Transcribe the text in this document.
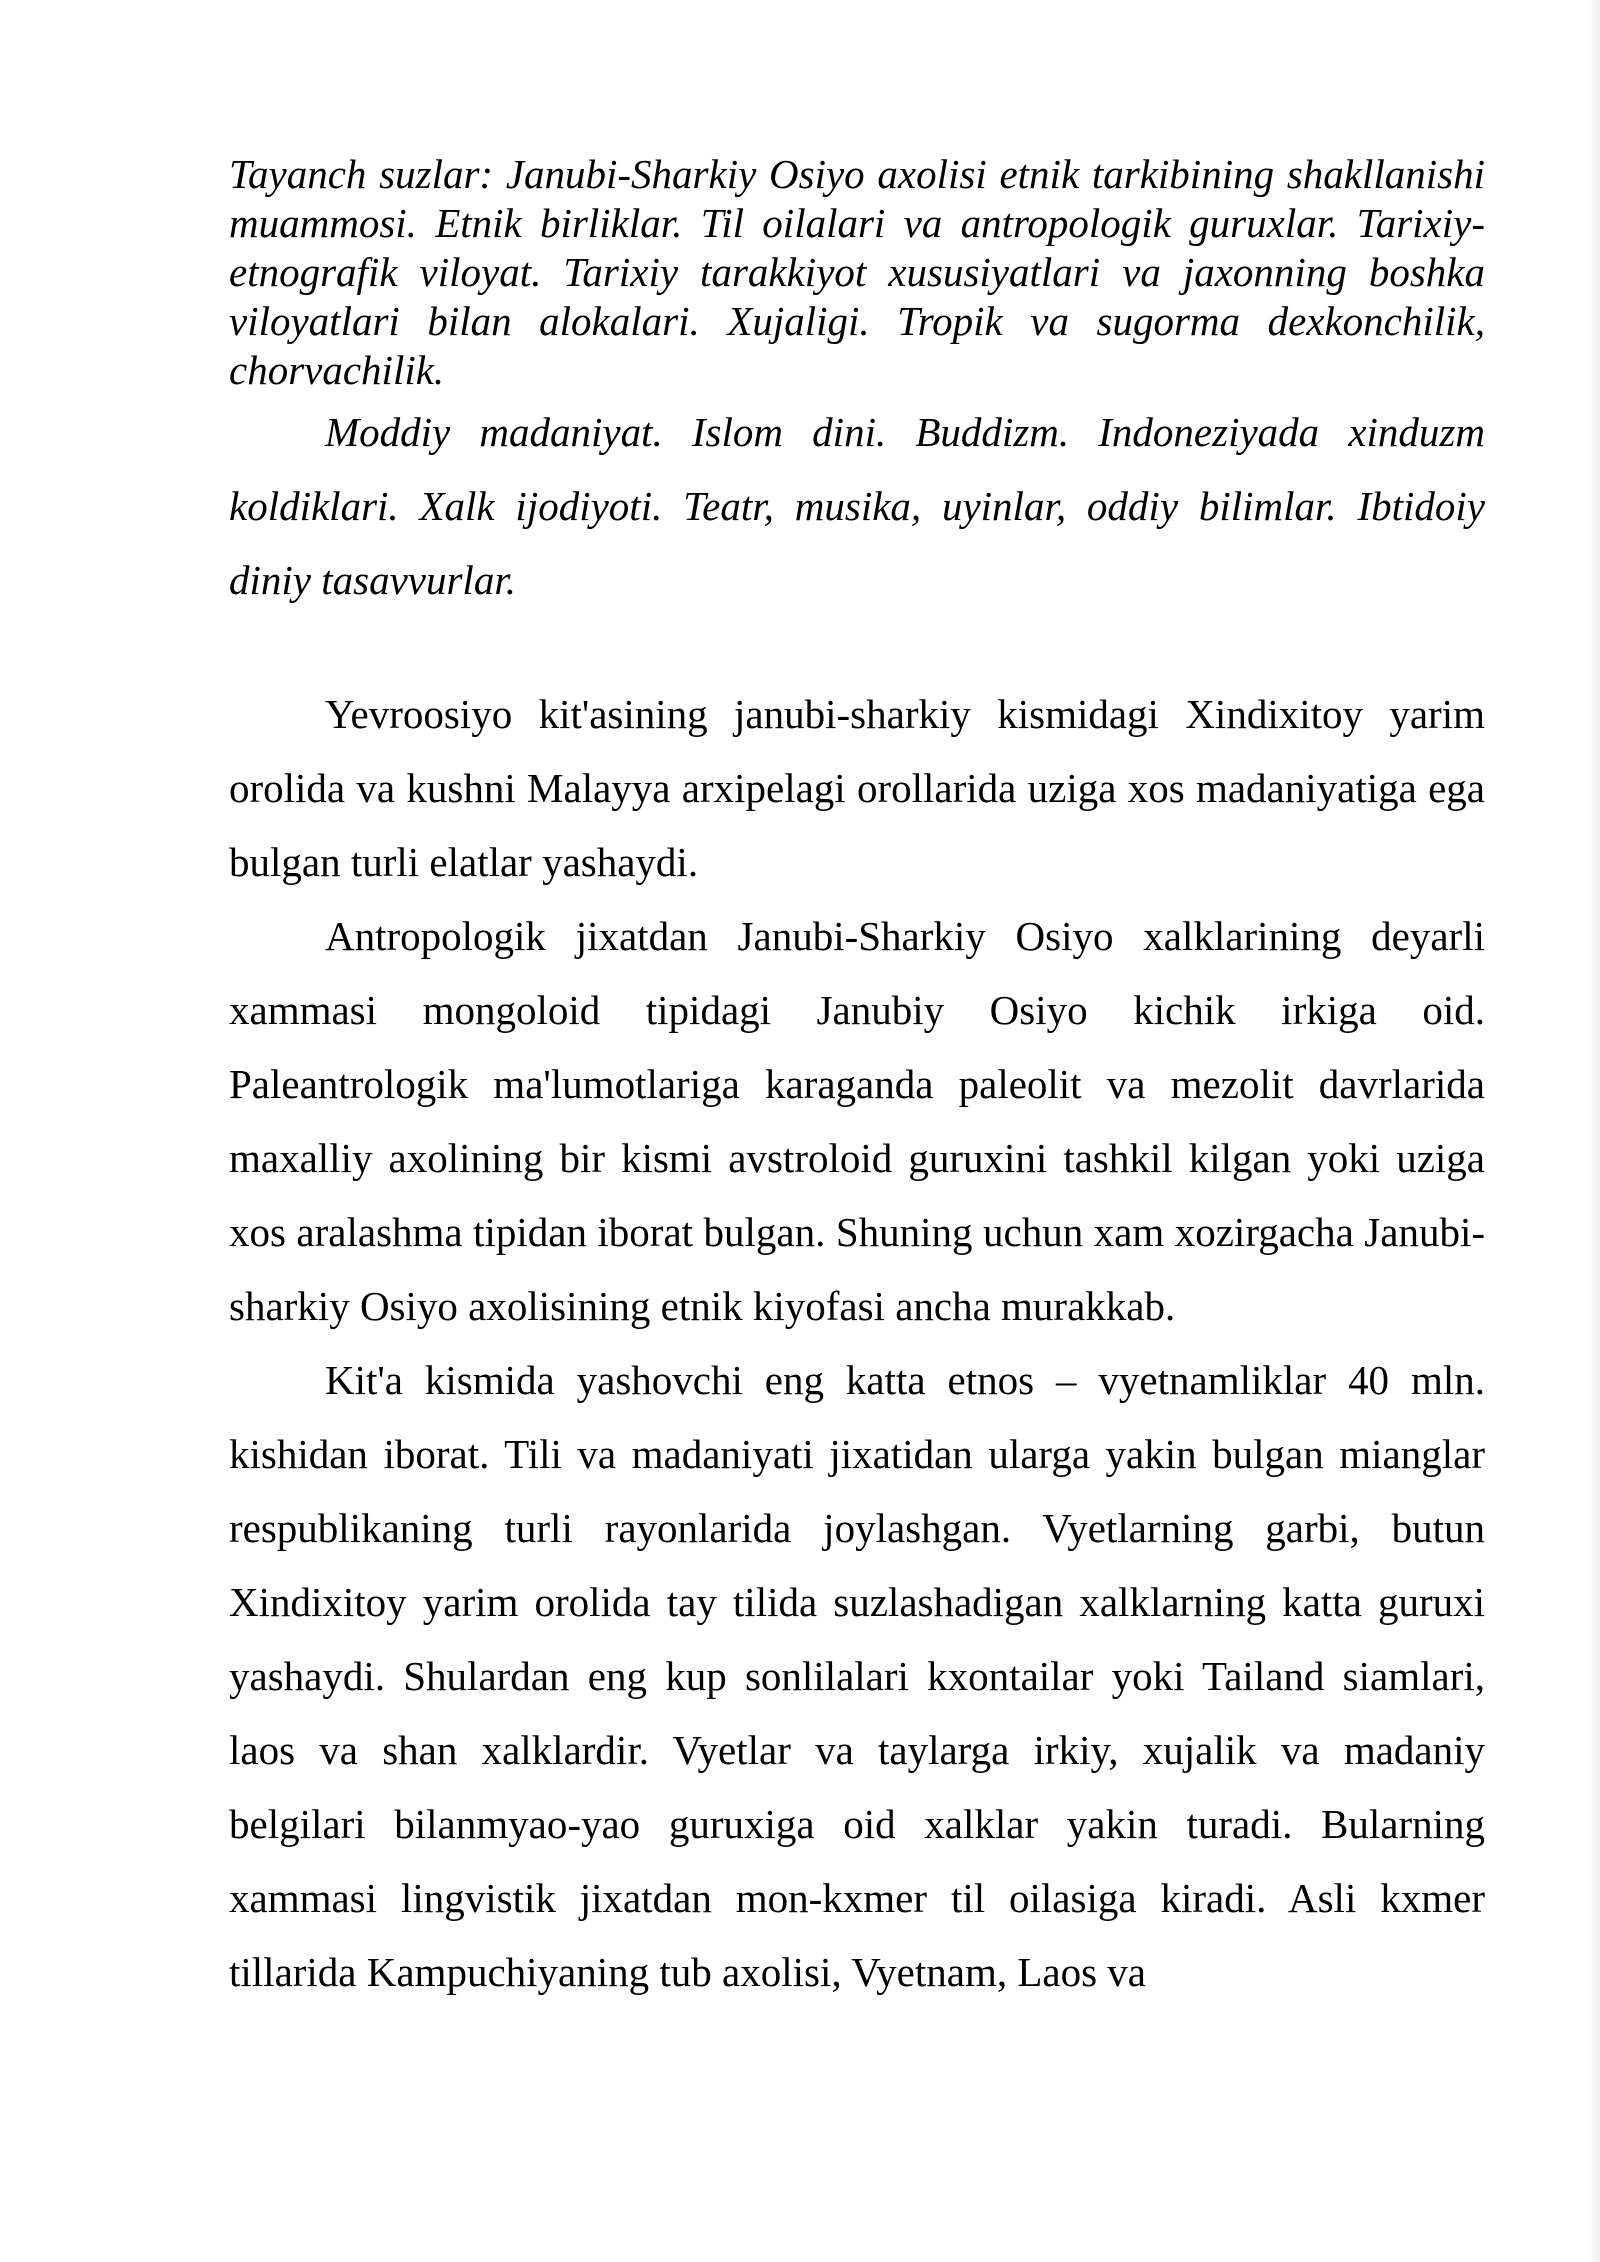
Tayanch suzlar: Janubi-Sharkiy Osiyo axolisi etnik tarkibining shakllanishi muammosi. Etnik birliklar. Til oilalari va antropologik guruxlar. Tarixiy-etnografik viloyat. Tarixiy tarakkiyot xususiyatlari va jaxonning boshka viloyatlari bilan alokalari. Xujaligi. Tropik va sugorma dexkonchilik, chorvachilik.

Moddiy madaniyat. Islom dini. Buddizm. Indoneziyada xinduzm koldiklari. Xalk ijodiyoti. Teatr, musika, uyinlar, oddiy bilimlar. Ibtidoiy diniy tasavvurlar.

Yevroosiyo kit'asining janubi-sharkiy kismidagi Xindixitoy yarim orolida va kushni Malayya arxipelagi orollarida uziga xos madaniyatiga ega bulgan turli elatlar yashaydi.

Antropologik jixatdan Janubi-Sharkiy Osiyo xalklarining deyarli xammasi mongoloid tipidagi Janubiy Osiyo kichik irkiga oid. Paleantrologik ma'lumotlariga karaganda paleolit va mezolit davrlarida maxalliy axolining bir kismi avstroloid guruxini tashkil kilgan yoki uziga xos aralashma tipidan iborat bulgan. Shuning uchun xam xozirgacha Janubi-sharkiy Osiyo axolisining etnik kiyofasi ancha murakkab.

Kit'a kismida yashovchi eng katta etnos – vyetnamliklar 40 mln. kishidan iborat. Tili va madaniyati jixatidan ularga yakin bulgan mianglar respublikaning turli rayonlarida joylashgan. Vyetlarning garbi, butun Xindixitoy yarim orolida tay tilida suzlashadigan xalklarning katta guruxi yashaydi. Shulardan eng kup sonlilalari kxontailar yoki Tailand siamlari, laos va shan xalklardir. Vyetlar va taylarga irkiy, xujalik va madaniy belgilari bilanmyao-yao guruxiga oid xalklar yakin turadi. Bularning xammasi lingvistik jixatdan mon-kxmer til oilasiga kiradi. Asli kxmer tillarida Kampuchiyaning tub axolisi, Vyetnam, Laos va
